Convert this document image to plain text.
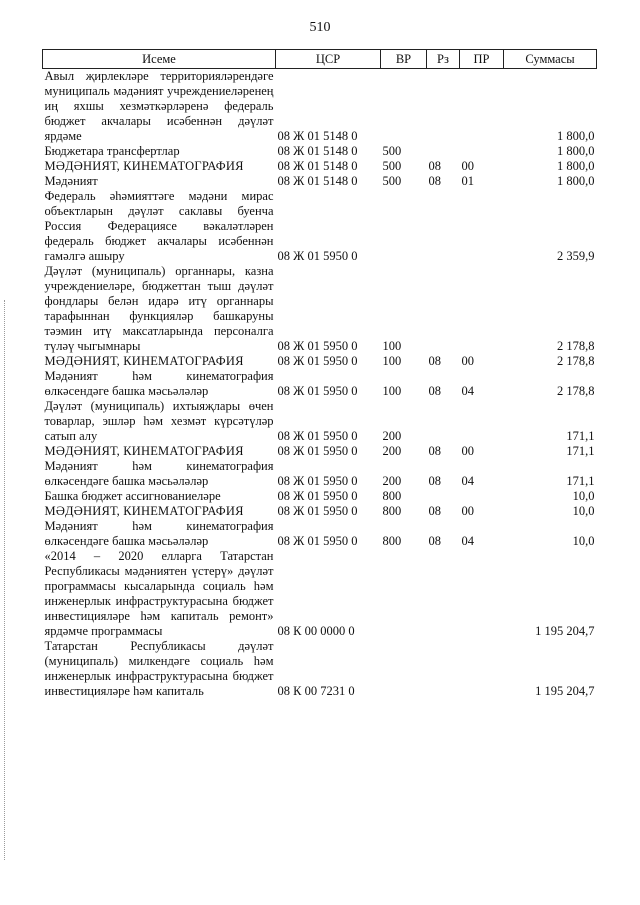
510
Исеме	ЦСР	ВР	Рз	ПР	Суммасы
Авыл җирлекләре территорияләрендәге муниципаль мәдәният учреждениеләренең иң яхшы хезмәткәрләренә федераль бюджет акчалары исәбеннән дәүләт ярдәме	08 Ж 01 5148 0				1 800,0
Бюджетара трансфертлар	08 Ж 01 5148 0	500			1 800,0
МӘДӘНИЯТ, КИНЕМАТОГРАФИЯ	08 Ж 01 5148 0	500	08	00	1 800,0
Мәдәният	08 Ж 01 5148 0	500	08	01	1 800,0
Федераль әһәмияттәге мәдәни мирас объектларын дәүләт саклавы буенча Россия Федерациясе вәкаләтләрен федераль бюджет акчалары исәбеннән гамәлгә ашыру	08 Ж 01 5950 0				2 359,9
Дәүләт (муниципаль) органнары, казна учреждениеләре, бюджеттан тыш дәүләт фондлары белән идарә итү органнары тарафыннан функцияләр башкаруны тәэмин итү максатларында персоналга түләү чыгымнары	08 Ж 01 5950 0	100			2 178,8
МӘДӘНИЯТ, КИНЕМАТОГРАФИЯ	08 Ж 01 5950 0	100	08	00	2 178,8
Мәдәният һәм кинематография өлкәсендәге башка мәсьәләләр	08 Ж 01 5950 0	100	08	04	2 178,8
Дәүләт (муниципаль) ихтыяҗлары өчен товарлар, эшләр һәм хезмәт күрсәтүләр сатып алу	08 Ж 01 5950 0	200			171,1
МӘДӘНИЯТ, КИНЕМАТОГРАФИЯ	08 Ж 01 5950 0	200	08	00	171,1
Мәдәният һәм кинематография өлкәсендәге башка мәсьәләләр	08 Ж 01 5950 0	200	08	04	171,1
Башка бюджет ассигнованиеләре	08 Ж 01 5950 0	800			10,0
МӘДӘНИЯТ, КИНЕМАТОГРАФИЯ	08 Ж 01 5950 0	800	08	00	10,0
Мәдәният һәм кинематография өлкәсендәге башка мәсьәләләр	08 Ж 01 5950 0	800	08	04	10,0
«2014 – 2020 елларга Татарстан Республикасы мәдәниятен үстерү» дәүләт программасы кысаларында социаль һәм инженерлык инфраструктурасына бюджет инвестицияләре һәм капиталь ремонт» ярдәмче программасы	08 К 00 0000 0				1 195 204,7
Татарстан Республикасы дәүләт (муниципаль) милкендәге социаль һәм инженерлык инфраструктурасына бюджет инвестицияләре һәм капиталь	08 К 00 7231 0				1 195 204,7
